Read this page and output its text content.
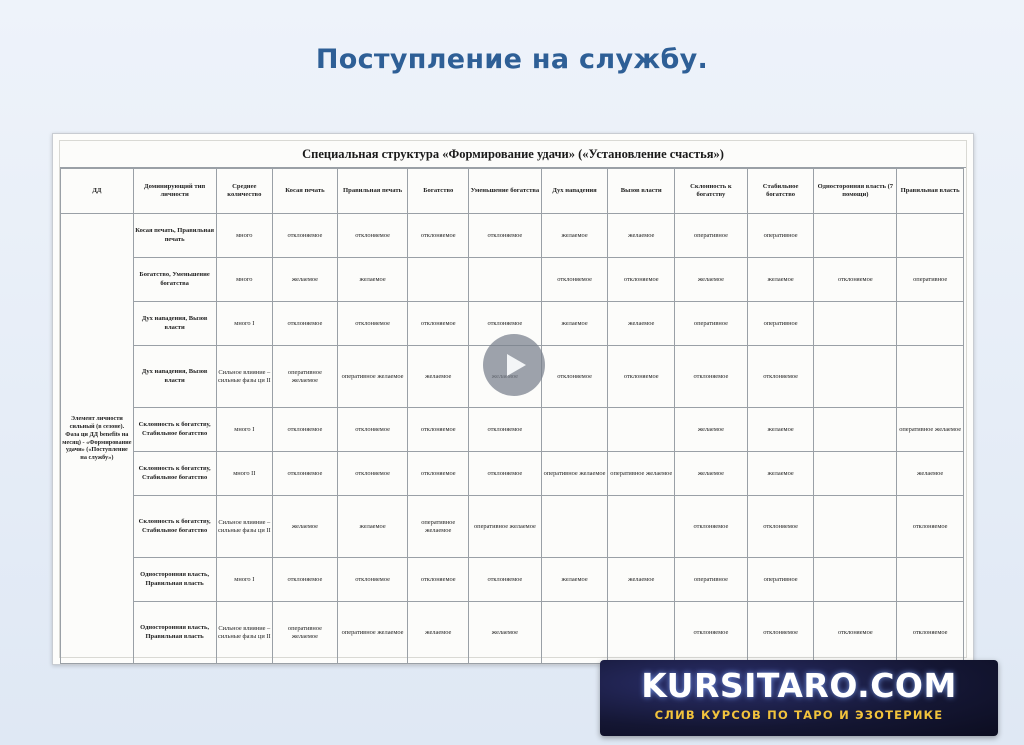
Поступление на службу.
Специальная структура «Формирование удачи» («Установление счастья»)
ДД	Доминирующий тип личности	Среднее количество	Косая печать	Правильная печать	Богатство	Уменьшение богатства	Дух нападения	Вызов власти	Склонность к богатству	Стабильное богатство	Односторонняя власть (7 помощи)	Правильная власть
Элемент личности сильный (в сезоне). Фаза ци ДД benefits на месяц) - «Формирование удачи» («Поступление на службу»)	Косая печать, Правильная печать	много	отклоняемое	отклоняемое	отклоняемое	отклоняемое	желаемое	желаемое	оперативное	оперативное		
	Богатство, Уменьшение богатства	много	желаемое	желаемое			отклоняемое	отклоняемое	желаемое	желаемое	отклоняемое	оперативное
	Дух нападения, Вызов власти	много I	отклоняемое	отклоняемое	отклоняемое	отклоняемое	желаемое	желаемое	оперативное	оперативное		
	Дух нападения, Вызов власти	Сильное влияние – сильные фазы ци II	оперативное желаемое	оперативное желаемое	желаемое		отклоняемое	отклоняемое	отклоняемое	отклоняемое		
	Склонность к богатству, Стабильное богатство	много I	отклоняемое	отклоняемое	отклоняемое	отклоняемое			желаемое	желаемое		оперативное желаемое
	Склонность к богатству, Стабильное богатство	много II	отклоняемое	отклоняемое	отклоняемое	отклоняемое	оперативное желаемое	оперативное желаемое	желаемое	желаемое		желаемое
	Склонность к богатству, Стабильное богатство	Сильное влияние – сильные фазы ци II	желаемое	желаемое	оперативное желаемое	оперативное желаемое			отклоняемое	отклоняемое		отклоняемое
	Односторонняя власть, Правильная власть	много I	отклоняемое	отклоняемое	отклоняемое	отклоняемое	желаемое	желаемое	оперативное	оперативное		
	Односторонняя власть, Правильная власть	Сильное влияние – сильные фазы ци II	оперативное желаемое	оперативное желаемое	желаемое	желаемое			отклоняемое	отклоняемое	отклоняемое	отклоняемое
KURSITARO.COM
СЛИВ КУРСОВ ПО ТАРО И ЭЗОТЕРИКЕ
